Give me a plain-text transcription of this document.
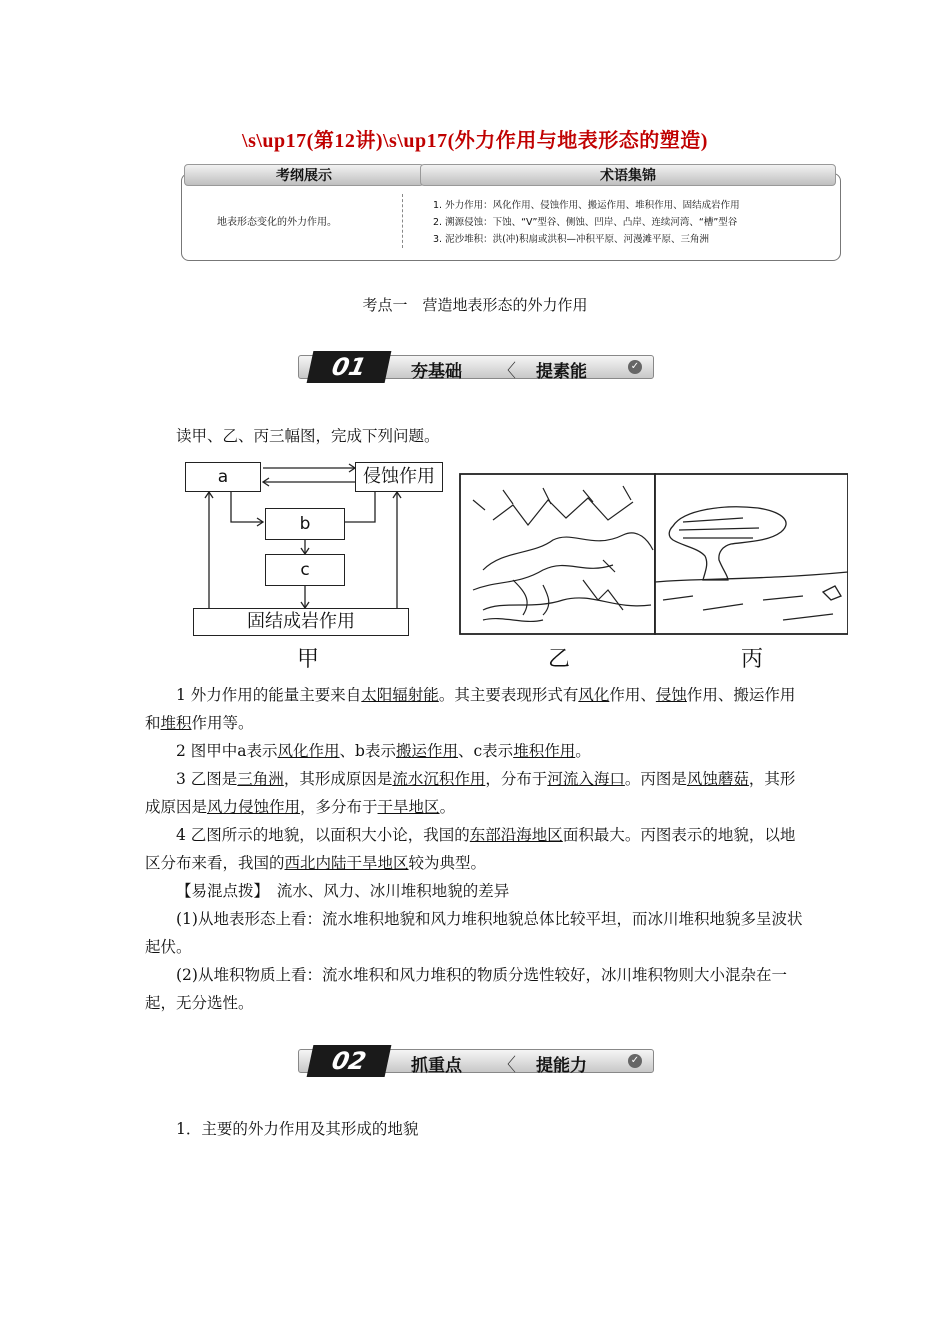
\s\up17(第12讲)\s\up17(外力作用与地表形态的塑造)
考纲展示	术语集锦
地表形态变化的外力作用。
1. 外力作用：风化作用、侵蚀作用、搬运作用、堆积作用、固结成岩作用
2. 溯源侵蚀：下蚀、“V”型谷、侧蚀、凹岸、凸岸、连续河湾、“槽”型谷
3. 泥沙堆积：洪(冲)积扇或洪积—冲积平原、河漫滩平原、三角洲
考点一　营造地表形态的外力作用
01	夯基础	提素能	✓
读甲、乙、丙三幅图，完成下列问题。
a	侵蚀作用
b
c
固结成岩作用
甲	乙	丙
1 外力作用的能量主要来自太阳辐射能。其主要表现形式有风化作用、侵蚀作用、搬运作用和堆积作用等。
2 图甲中a表示风化作用、b表示搬运作用、c表示堆积作用。
3 乙图是三角洲，其形成原因是流水沉积作用，分布于河流入海口。丙图是风蚀蘑菇，其形成原因是风力侵蚀作用，多分布于干旱地区。
4 乙图所示的地貌，以面积大小论，我国的东部沿海地区面积最大。丙图表示的地貌，以地区分布来看，我国的西北内陆干旱地区较为典型。
【易混点拨】　流水、风力、冰川堆积地貌的差异
(1)从地表形态上看：流水堆积地貌和风力堆积地貌总体比较平坦，而冰川堆积地貌多呈波状起伏。
(2)从堆积物质上看：流水堆积和风力堆积的物质分选性较好，冰川堆积物则大小混杂在一起，无分选性。
02	抓重点	提能力	✓
1．主要的外力作用及其形成的地貌
